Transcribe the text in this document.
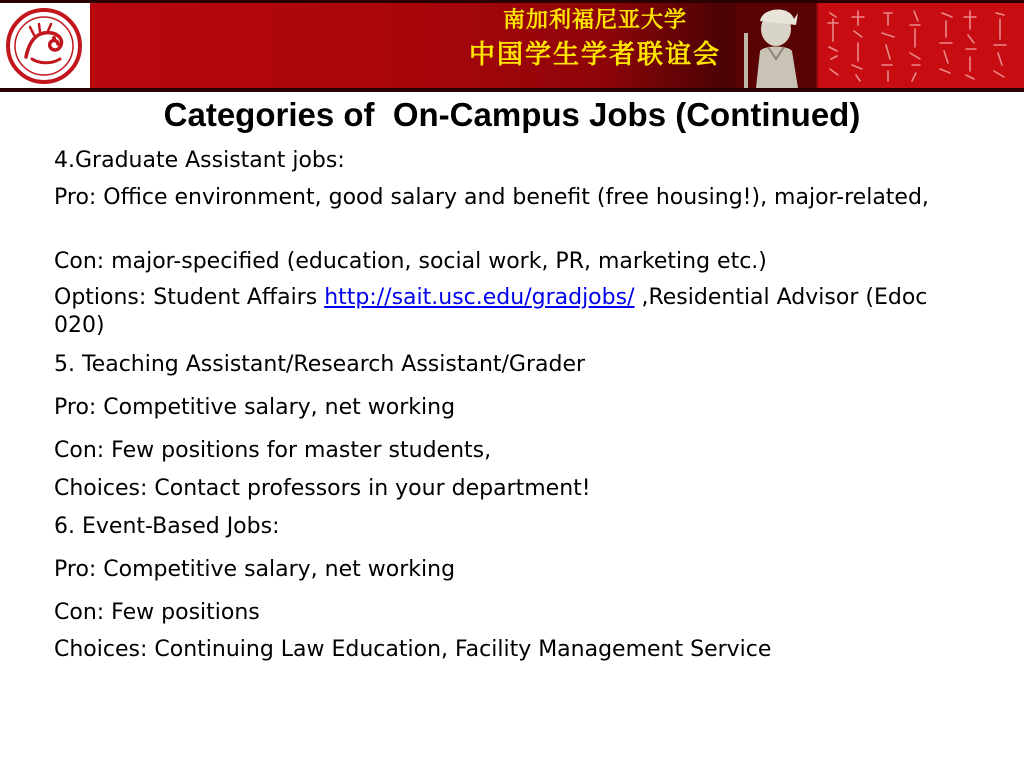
南加利福尼亚大学
中国学生学者联谊会
Categories of  On-Campus Jobs (Continued)

4.Graduate Assistant jobs:

Pro: Office environment, good salary and benefit (free housing!), major-related,

Con: major-specified (education, social work, PR, marketing etc.)

Options: Student Affairs http://sait.usc.edu/gradjobs/ ,Residential Advisor (Edoc 020)

5. Teaching Assistant/Research Assistant/Grader

Pro: Competitive salary, net working

Con: Few positions for master students,

Choices: Contact professors in your department!

6. Event-Based Jobs:

Pro: Competitive salary, net working

Con: Few positions

Choices: Continuing Law Education, Facility Management Service
